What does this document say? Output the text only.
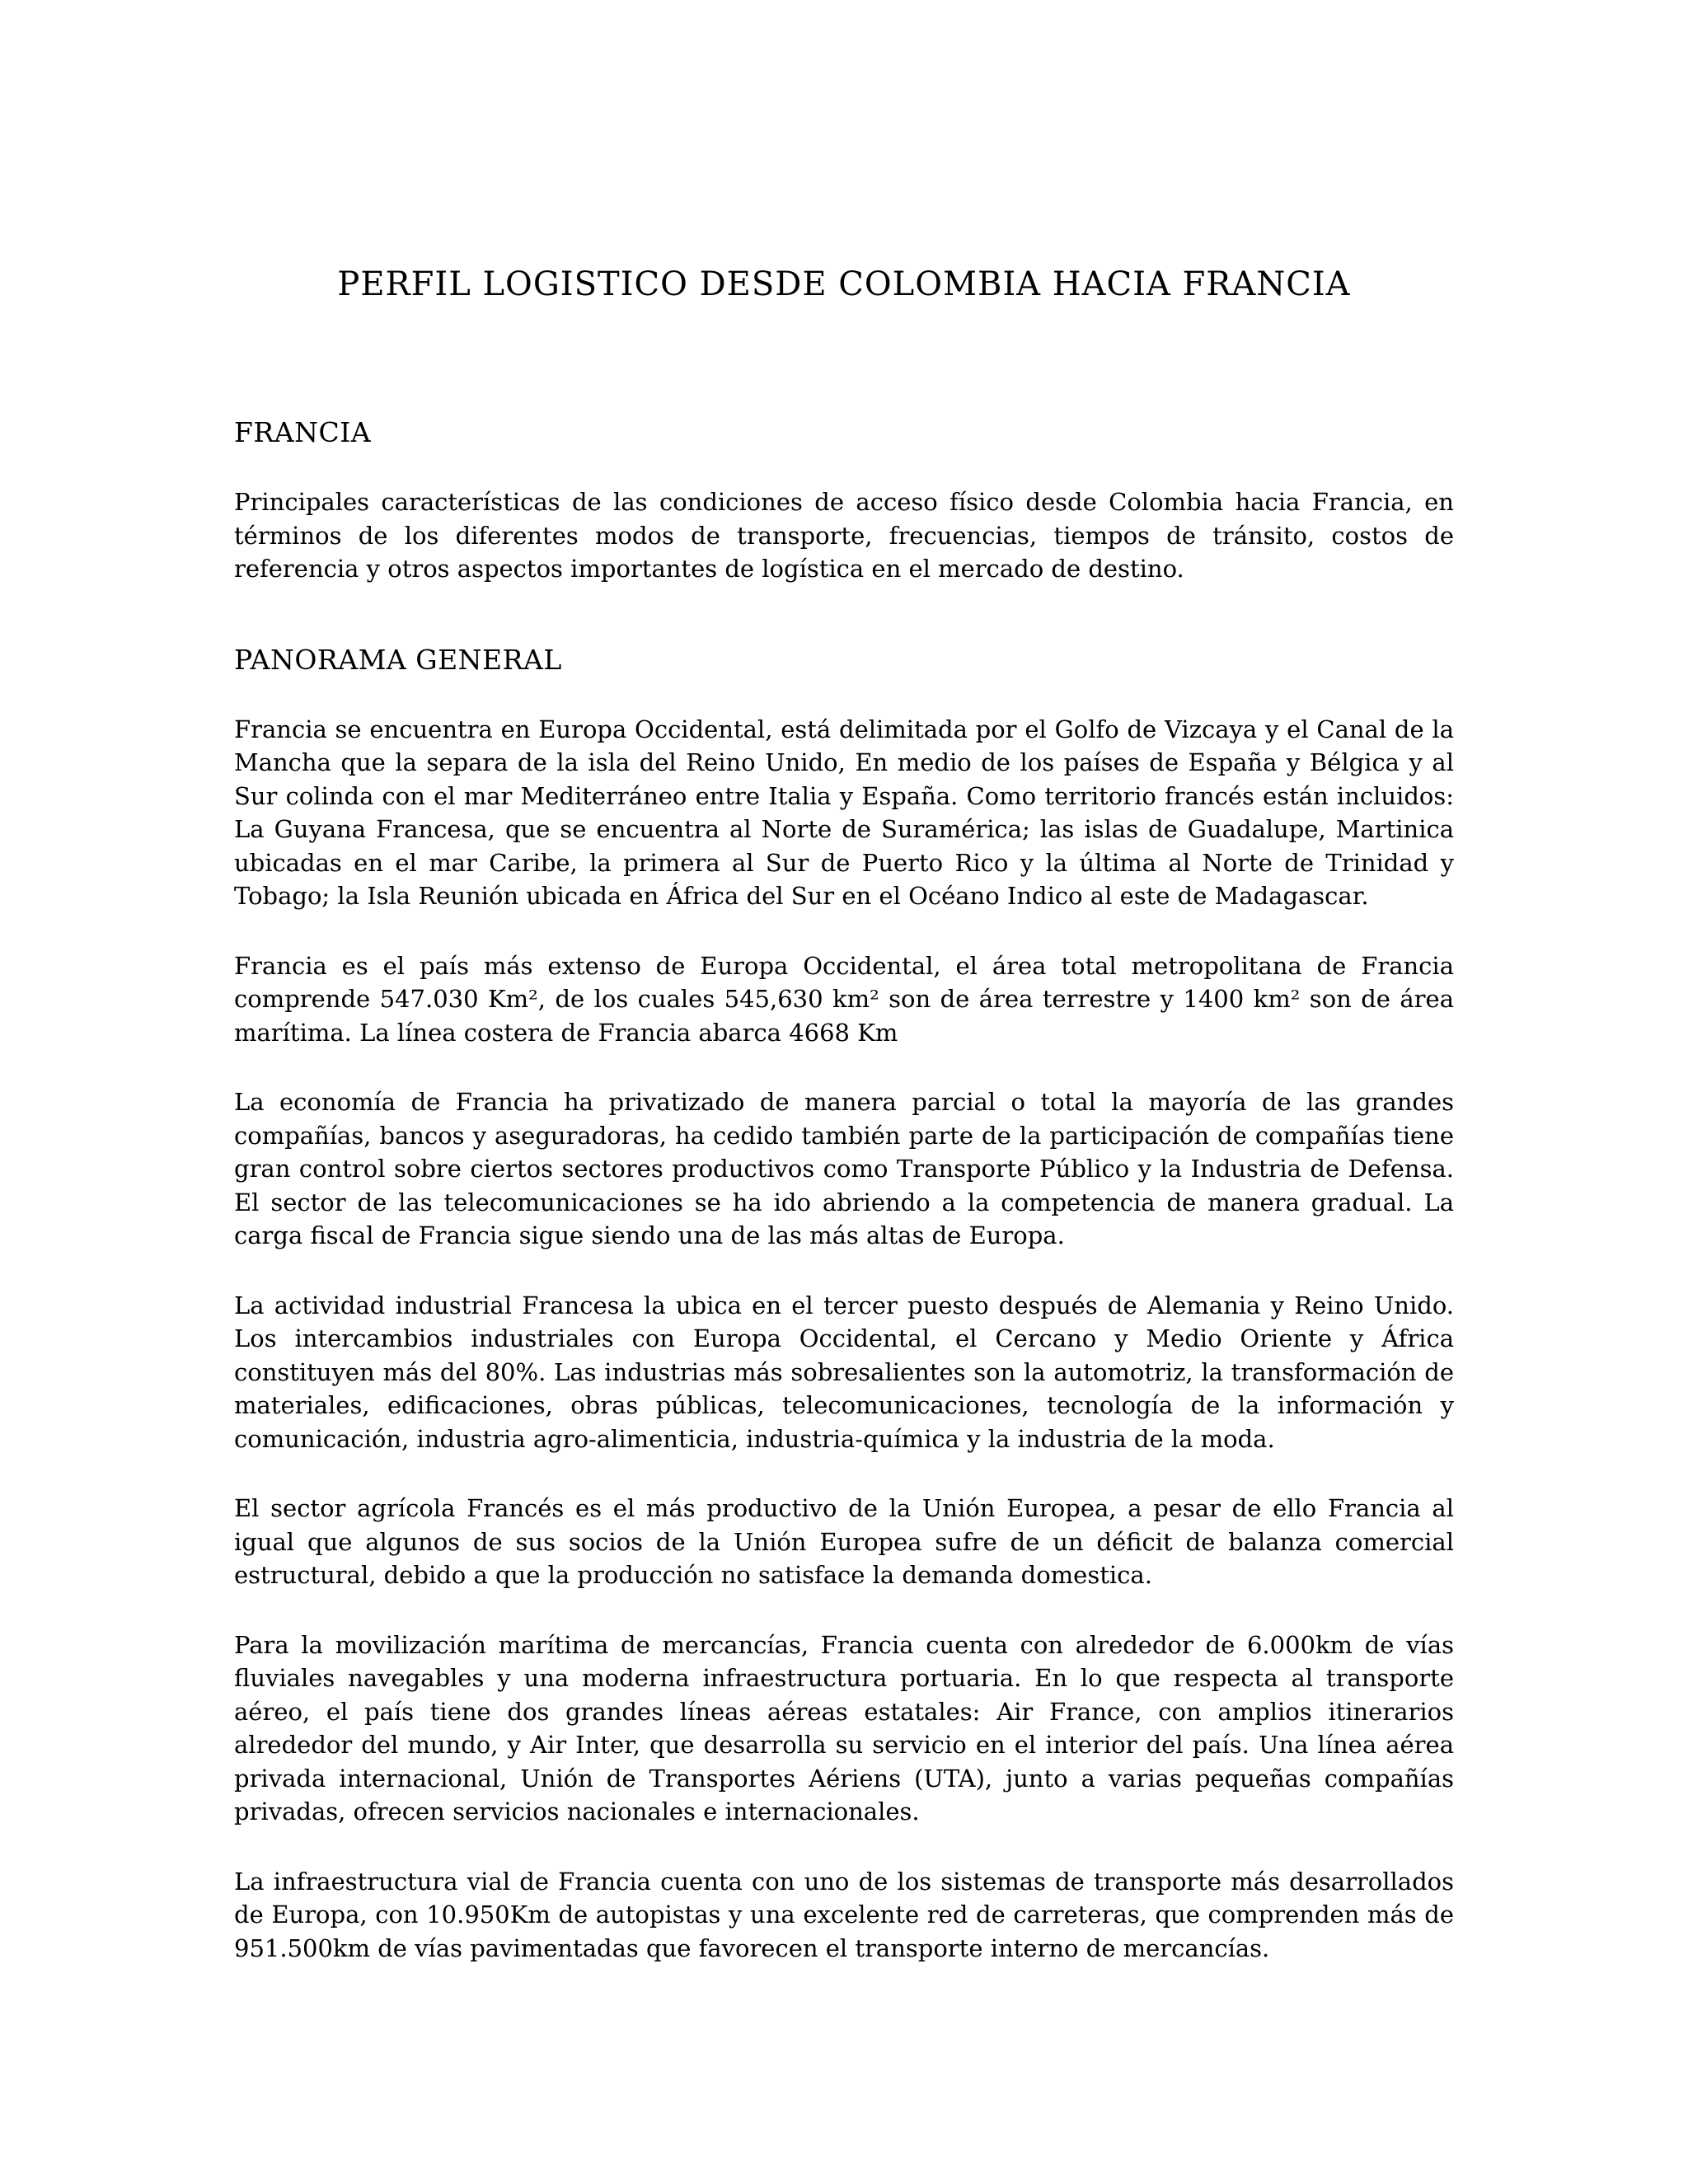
PERFIL LOGISTICO DESDE COLOMBIA HACIA FRANCIA
FRANCIA

Principales características de las condiciones de acceso físico desde Colombia hacia Francia, en términos de los diferentes modos de transporte, frecuencias, tiempos de tránsito, costos de referencia y otros aspectos importantes de logística en el mercado de destino.

PANORAMA GENERAL

Francia se encuentra en Europa Occidental, está delimitada por el Golfo de Vizcaya y el Canal de la Mancha que la separa de la isla del Reino Unido, En medio de los países de España y Bélgica y al Sur colinda con el mar Mediterráneo entre Italia y España. Como territorio francés están incluidos: La Guyana Francesa, que se encuentra al Norte de Suramérica; las islas de Guadalupe, Martinica ubicadas en el mar Caribe, la primera al Sur de Puerto Rico y la última al Norte de Trinidad y Tobago; la Isla Reunión ubicada en África del Sur en el Océano Indico al este de Madagascar.

Francia es el país más extenso de Europa Occidental, el área total metropolitana de Francia comprende 547.030 Km², de los cuales 545,630 km² son de área terrestre y 1400 km² son de área marítima. La línea costera de Francia abarca 4668 Km

La economía de Francia ha privatizado de manera parcial o total la mayoría de las grandes compañías, bancos y aseguradoras, ha cedido también parte de la participación de compañías tiene gran control sobre ciertos sectores productivos como Transporte Público y la Industria de Defensa. El sector de las telecomunicaciones se ha ido abriendo a la competencia de manera gradual. La carga fiscal de Francia sigue siendo una de las más altas de Europa.

La actividad industrial Francesa la ubica en el tercer puesto después de Alemania y Reino Unido. Los intercambios industriales con Europa Occidental, el Cercano y Medio Oriente y África constituyen más del 80%. Las industrias más sobresalientes son la automotriz, la transformación de materiales, edificaciones, obras públicas, telecomunicaciones, tecnología de la información y comunicación, industria agro-alimenticia, industria-química y la industria de la moda.

El sector agrícola Francés es el más productivo de la Unión Europea, a pesar de ello Francia al igual que algunos de sus socios de la Unión Europea sufre de un déficit de balanza comercial estructural, debido a que la producción no satisface la demanda domestica.

Para la movilización marítima de mercancías, Francia cuenta con alrededor de 6.000km de vías fluviales navegables y una moderna infraestructura portuaria. En lo que respecta al transporte aéreo, el país tiene dos grandes líneas aéreas estatales: Air France, con amplios itinerarios alrededor del mundo, y Air Inter, que desarrolla su servicio en el interior del país. Una línea aérea privada internacional, Unión de Transportes Aériens (UTA), junto a varias pequeñas compañías privadas, ofrecen servicios nacionales e internacionales.

La infraestructura vial de Francia cuenta con uno de los sistemas de transporte más desarrollados de Europa, con 10.950Km de autopistas y una excelente red de carreteras, que comprenden más de 951.500km de vías pavimentadas que favorecen el transporte interno de mercancías.
